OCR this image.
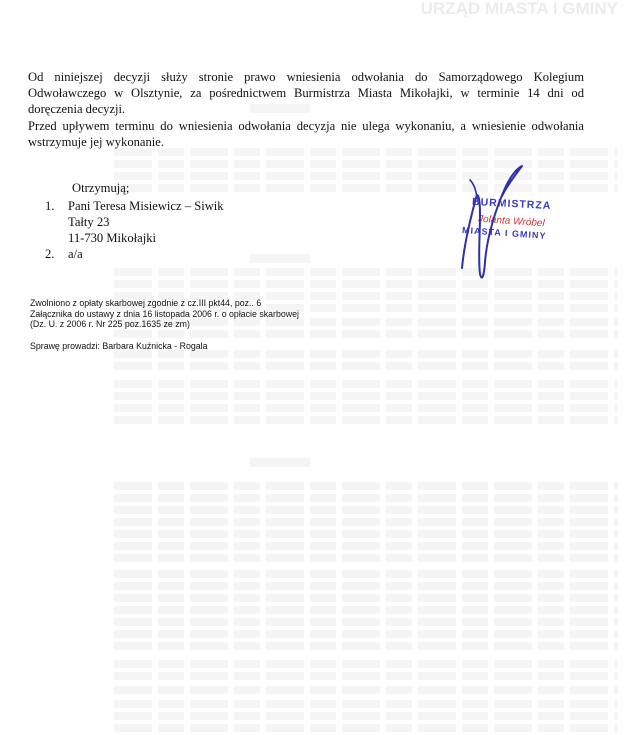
URZĄD MIASTA I GMINY

Od niniejszej decyzji służy stronie prawo wniesienia odwołania do Samorządowego Kolegium Odwoławczego w Olsztynie, za pośrednictwem Burmistrza Miasta Mikołajki, w terminie 14 dni od doręczenia decyzji.

Przed upływem terminu do wniesienia odwołania decyzja nie ulega wykonaniu, a wniesienie odwołania wstrzymuje jej wykonanie.

Otrzymują;
1.	Pani Teresa Misiewicz – Siwik
Tałty 23
11-730 Mikołajki
2.	a/a
Zwolniono z opłaty skarbowej zgodnie z cz.III pkt44, poz.. 6
Załącznika do ustawy z dnia 16 listopada 2006 r. o opłacie skarbowej
(Dz. U. z 2006 r. Nr 225 poz.1635 ze zm)
Sprawę prowadzi: Barbara Kuźnicka - Rogala
BURMISTRZA
Jolanta Wróbel
MIASTA I GMINY
